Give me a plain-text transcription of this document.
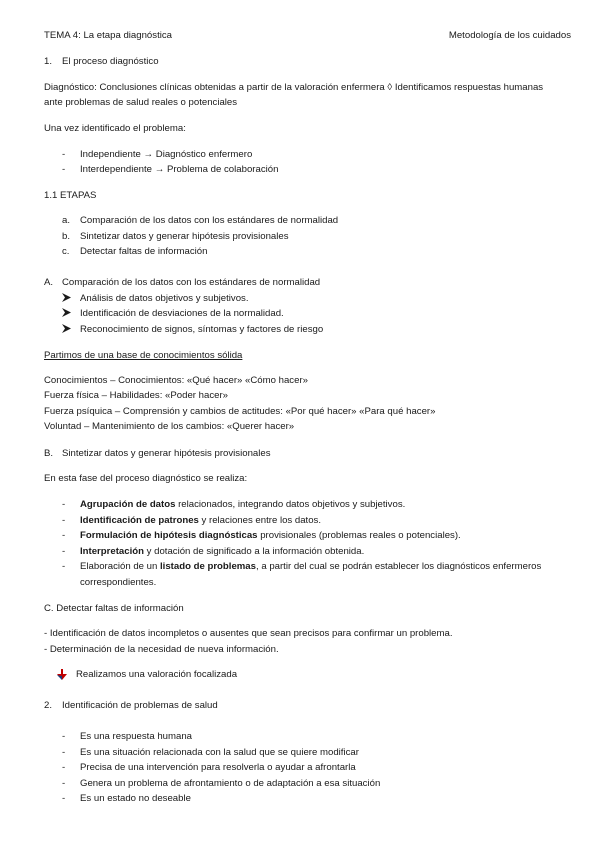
TEMA 4: La etapa diagnóstica	Metodología de los cuidados
1. El proceso diagnóstico
Diagnóstico: Conclusiones clínicas obtenidas a partir de la valoración enfermera ◊ Identificamos respuestas humanas
ante problemas de salud reales o potenciales
Una vez identificado el problema:
- Independiente → Diagnóstico enfermero
- Interdependiente → Problema de colaboración
1.1 ETAPAS
a. Comparación de los datos con los estándares de normalidad
b. Sintetizar datos y generar hipótesis provisionales
c. Detectar faltas de información
A. Comparación de los datos con los estándares de normalidad
Análisis de datos objetivos y subjetivos.
Identificación de desviaciones de la normalidad.
Reconocimiento de signos, síntomas y factores de riesgo
Partimos de una base de conocimientos sólida
Conocimientos – Conocimientos: «Qué hacer» «Cómo hacer»
Fuerza física – Habilidades: «Poder hacer»
Fuerza psíquica – Comprensión y cambios de actitudes: «Por qué hacer» «Para qué hacer»
Voluntad – Mantenimiento de los cambios: «Querer hacer»
B. Sintetizar datos y generar hipótesis provisionales
En esta fase del proceso diagnóstico se realiza:
- Agrupación de datos relacionados, integrando datos objetivos y subjetivos.
- Identificación de patrones y relaciones entre los datos.
- Formulación de hipótesis diagnósticas provisionales (problemas reales o potenciales).
- Interpretación y dotación de significado a la información obtenida.
- Elaboración de un listado de problemas, a partir del cual se podrán establecer los diagnósticos enfermeros
correspondientes.
C. Detectar faltas de información
- Identificación de datos incompletos o ausentes que sean precisos para confirmar un problema.
- Determinación de la necesidad de nueva información.
Realizamos una valoración focalizada
2. Identificación de problemas de salud
- Es una respuesta humana
- Es una situación relacionada con la salud que se quiere modificar
- Precisa de una intervención para resolverla o ayudar a afrontarla
- Genera un problema de afrontamiento o de adaptación a esa situación
- Es un estado no deseable
